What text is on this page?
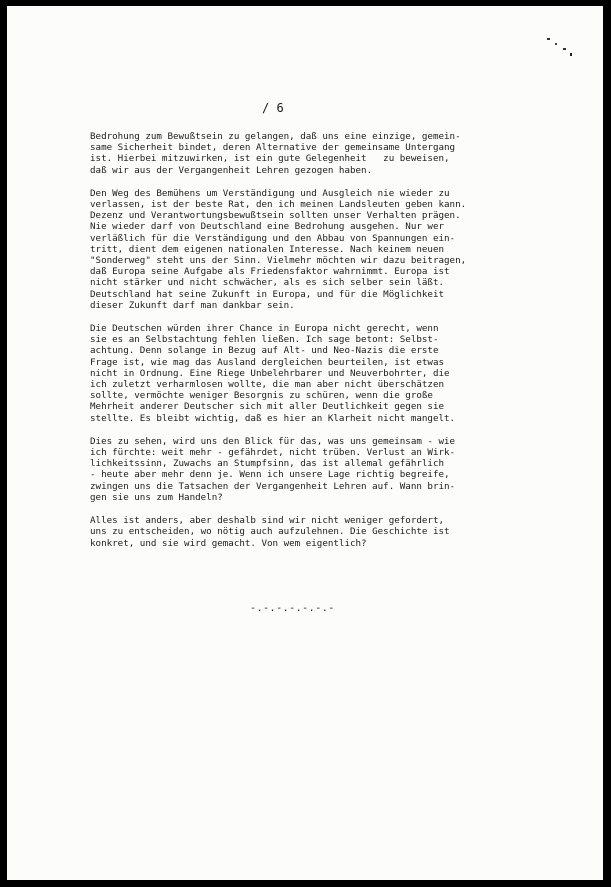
/ 6
Bedrohung zum Bewußtsein zu gelangen, daß uns eine einzige, gemein-
same Sicherheit bindet, deren Alternative der gemeinsame Untergang
ist. Hierbei mitzuwirken, ist ein gute Gelegenheit   zu beweisen,
daß wir aus der Vergangenheit Lehren gezogen haben.
Den Weg des Bemühens um Verständigung und Ausgleich nie wieder zu
verlassen, ist der beste Rat, den ich meinen Landsleuten geben kann.
Dezenz und Verantwortungsbewußtsein sollten unser Verhalten prägen.
Nie wieder darf von Deutschland eine Bedrohung ausgehen. Nur wer
verläßlich für die Verständigung und den Abbau von Spannungen ein-
tritt, dient dem eigenen nationalen Interesse. Nach keinem neuen
"Sonderweg" steht uns der Sinn. Vielmehr möchten wir dazu beitragen,
daß Europa seine Aufgabe als Friedensfaktor wahrnimmt. Europa ist
nicht stärker und nicht schwächer, als es sich selber sein läßt.
Deutschland hat seine Zukunft in Europa, und für die Möglichkeit
dieser Zukunft darf man dankbar sein.
Die Deutschen würden ihrer Chance in Europa nicht gerecht, wenn
sie es an Selbstachtung fehlen ließen. Ich sage betont: Selbst-
achtung. Denn solange in Bezug auf Alt- und Neo-Nazis die erste
Frage ist, wie mag das Ausland dergleichen beurteilen, ist etwas
nicht in Ordnung. Eine Riege Unbelehrbarer und Neuverbohrter, die
ich zuletzt verharmlosen wollte, die man aber nicht überschätzen
sollte, vermöchte weniger Besorgnis zu schüren, wenn die große
Mehrheit anderer Deutscher sich mit aller Deutlichkeit gegen sie
stellte. Es bleibt wichtig, daß es hier an Klarheit nicht mangelt.
Dies zu sehen, wird uns den Blick für das, was uns gemeinsam - wie
ich fürchte: weit mehr - gefährdet, nicht trüben. Verlust an Wirk-
lichkeitssinn, Zuwachs an Stumpfsinn, das ist allemal gefährlich
- heute aber mehr denn je. Wenn ich unsere Lage richtig begreife,
zwingen uns die Tatsachen der Vergangenheit Lehren auf. Wann brin-
gen sie uns zum Handeln?
Alles ist anders, aber deshalb sind wir nicht weniger gefordert,
uns zu entscheiden, wo nötig auch aufzulehnen. Die Geschichte ist
konkret, und sie wird gemacht. Von wem eigentlich?
-.-.-.-.-.-.-
